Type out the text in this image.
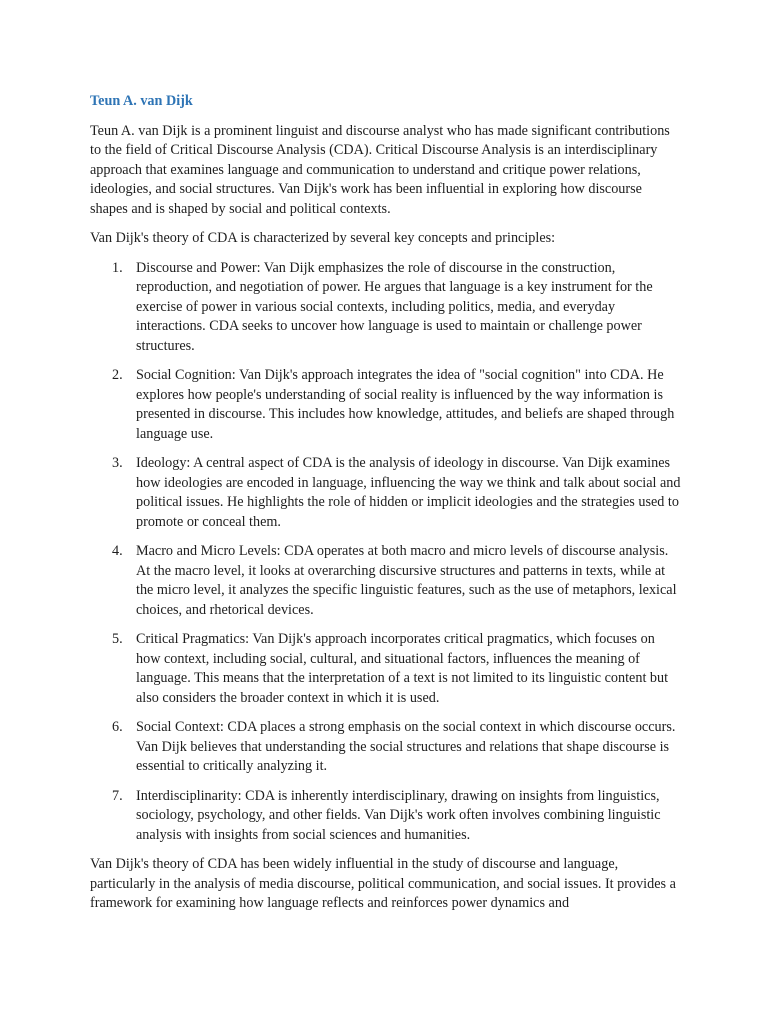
Teun A. van Dijk

Teun A. van Dijk is a prominent linguist and discourse analyst who has made significant contributions to the field of Critical Discourse Analysis (CDA). Critical Discourse Analysis is an interdisciplinary approach that examines language and communication to understand and critique power relations, ideologies, and social structures. Van Dijk's work has been influential in exploring how discourse shapes and is shaped by social and political contexts.

Van Dijk's theory of CDA is characterized by several key concepts and principles:

1. Discourse and Power: Van Dijk emphasizes the role of discourse in the construction, reproduction, and negotiation of power. He argues that language is a key instrument for the exercise of power in various social contexts, including politics, media, and everyday interactions. CDA seeks to uncover how language is used to maintain or challenge power structures.
2. Social Cognition: Van Dijk's approach integrates the idea of "social cognition" into CDA. He explores how people's understanding of social reality is influenced by the way information is presented in discourse. This includes how knowledge, attitudes, and beliefs are shaped through language use.
3. Ideology: A central aspect of CDA is the analysis of ideology in discourse. Van Dijk examines how ideologies are encoded in language, influencing the way we think and talk about social and political issues. He highlights the role of hidden or implicit ideologies and the strategies used to promote or conceal them.
4. Macro and Micro Levels: CDA operates at both macro and micro levels of discourse analysis. At the macro level, it looks at overarching discursive structures and patterns in texts, while at the micro level, it analyzes the specific linguistic features, such as the use of metaphors, lexical choices, and rhetorical devices.
5. Critical Pragmatics: Van Dijk's approach incorporates critical pragmatics, which focuses on how context, including social, cultural, and situational factors, influences the meaning of language. This means that the interpretation of a text is not limited to its linguistic content but also considers the broader context in which it is used.
6. Social Context: CDA places a strong emphasis on the social context in which discourse occurs. Van Dijk believes that understanding the social structures and relations that shape discourse is essential to critically analyzing it.
7. Interdisciplinarity: CDA is inherently interdisciplinary, drawing on insights from linguistics, sociology, psychology, and other fields. Van Dijk's work often involves combining linguistic analysis with insights from social sciences and humanities.

Van Dijk's theory of CDA has been widely influential in the study of discourse and language, particularly in the analysis of media discourse, political communication, and social issues. It provides a framework for examining how language reflects and reinforces power dynamics and
